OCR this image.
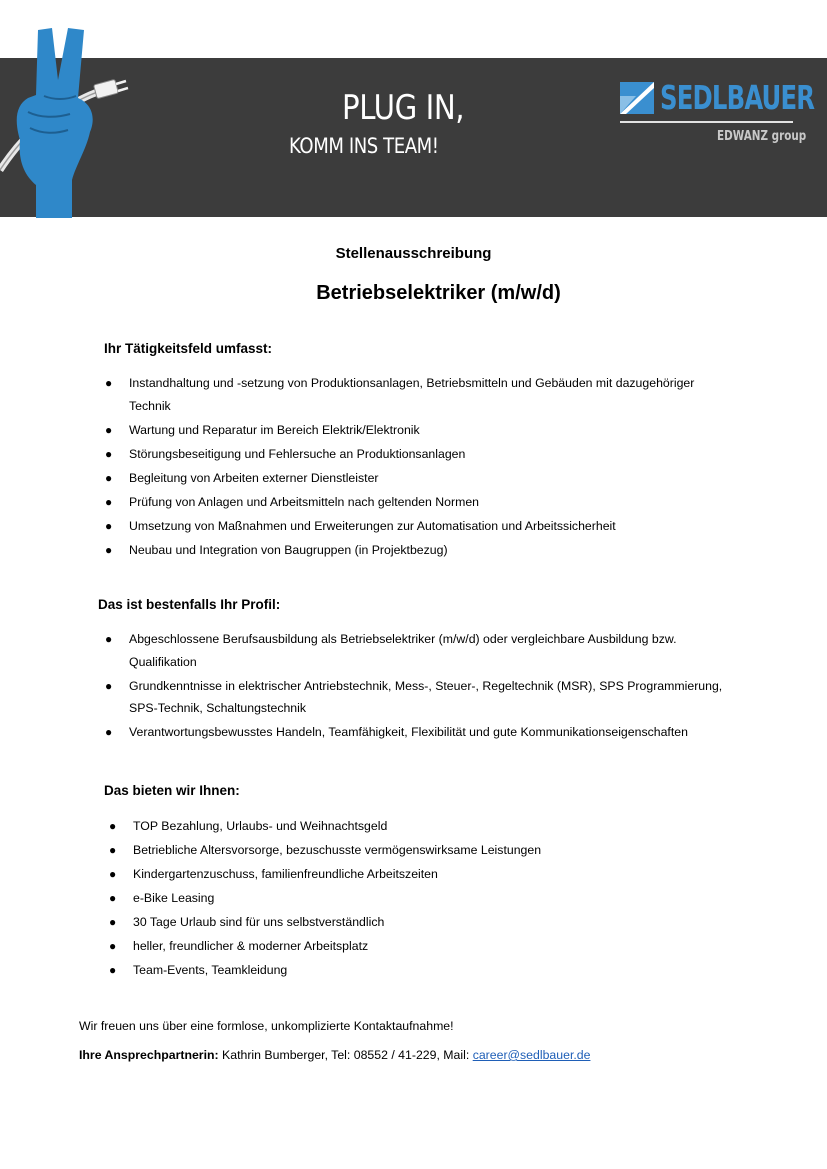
PLUG IN,
KOMM INS TEAM!
SEDLBAUER
EDWANZ group
Stellenausschreibung
Betriebselektriker (m/w/d)
Ihr Tätigkeitsfeld umfasst:
● Instandhaltung und -setzung von Produktionsanlagen, Betriebsmitteln und Gebäuden mit dazugehöriger
Technik
● Wartung und Reparatur im Bereich Elektrik/Elektronik
● Störungsbeseitigung und Fehlersuche an Produktionsanlagen
● Begleitung von Arbeiten externer Dienstleister
● Prüfung von Anlagen und Arbeitsmitteln nach geltenden Normen
● Umsetzung von Maßnahmen und Erweiterungen zur Automatisation und Arbeitssicherheit
● Neubau und Integration von Baugruppen (in Projektbezug)
Das ist bestenfalls Ihr Profil:
● Abgeschlossene Berufsausbildung als Betriebselektriker (m/w/d) oder vergleichbare Ausbildung bzw.
Qualifikation
● Grundkenntnisse in elektrischer Antriebstechnik, Mess-, Steuer-, Regeltechnik (MSR), SPS Programmierung,
SPS-Technik, Schaltungstechnik
● Verantwortungsbewusstes Handeln, Teamfähigkeit, Flexibilität und gute Kommunikationseigenschaften
Das bieten wir Ihnen:
● TOP Bezahlung, Urlaubs- und Weihnachtsgeld
● Betriebliche Altersvorsorge, bezuschusste vermögenswirksame Leistungen
● Kindergartenzuschuss, familienfreundliche Arbeitszeiten
● e-Bike Leasing
● 30 Tage Urlaub sind für uns selbstverständlich
● heller, freundlicher & moderner Arbeitsplatz
● Team-Events, Teamkleidung
Wir freuen uns über eine formlose, unkomplizierte Kontaktaufnahme!
Ihre Ansprechpartnerin: Kathrin Bumberger, Tel: 08552 / 41-229, Mail: career@sedlbauer.de
